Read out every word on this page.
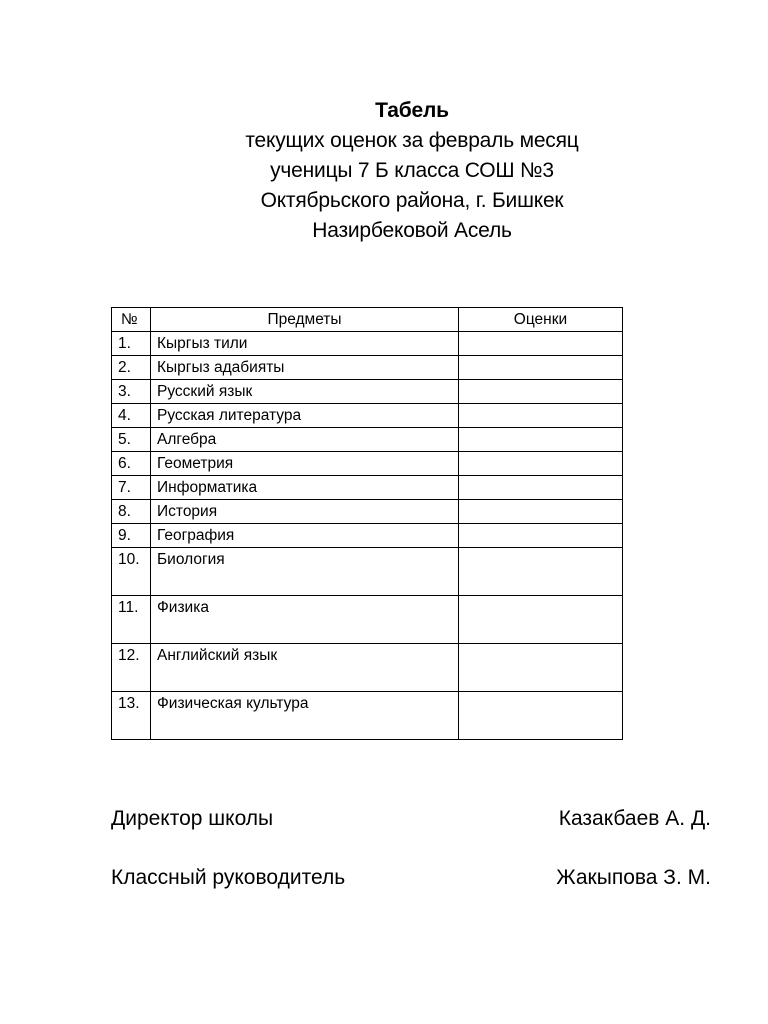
Табель
текущих оценок за февраль месяц
ученицы 7 Б класса СОШ №3
Октябрьского района, г. Бишкек
Назирбековой Асель
№	Предметы	Оценки
1.	Кыргыз тили	
2.	Кыргыз адабияты	
3.	Русский язык	
4.	Русская литература	
5.	Алгебра	
6.	Геометрия	
7.	Информатика	
8.	История	
9.	География	

10.	Биология	

11.	Физика	

12.	Английский язык	

13.	Физическая культура	
Директор школы	Казакбаев А. Д.
Классный руководитель	Жакыпова З. М.
